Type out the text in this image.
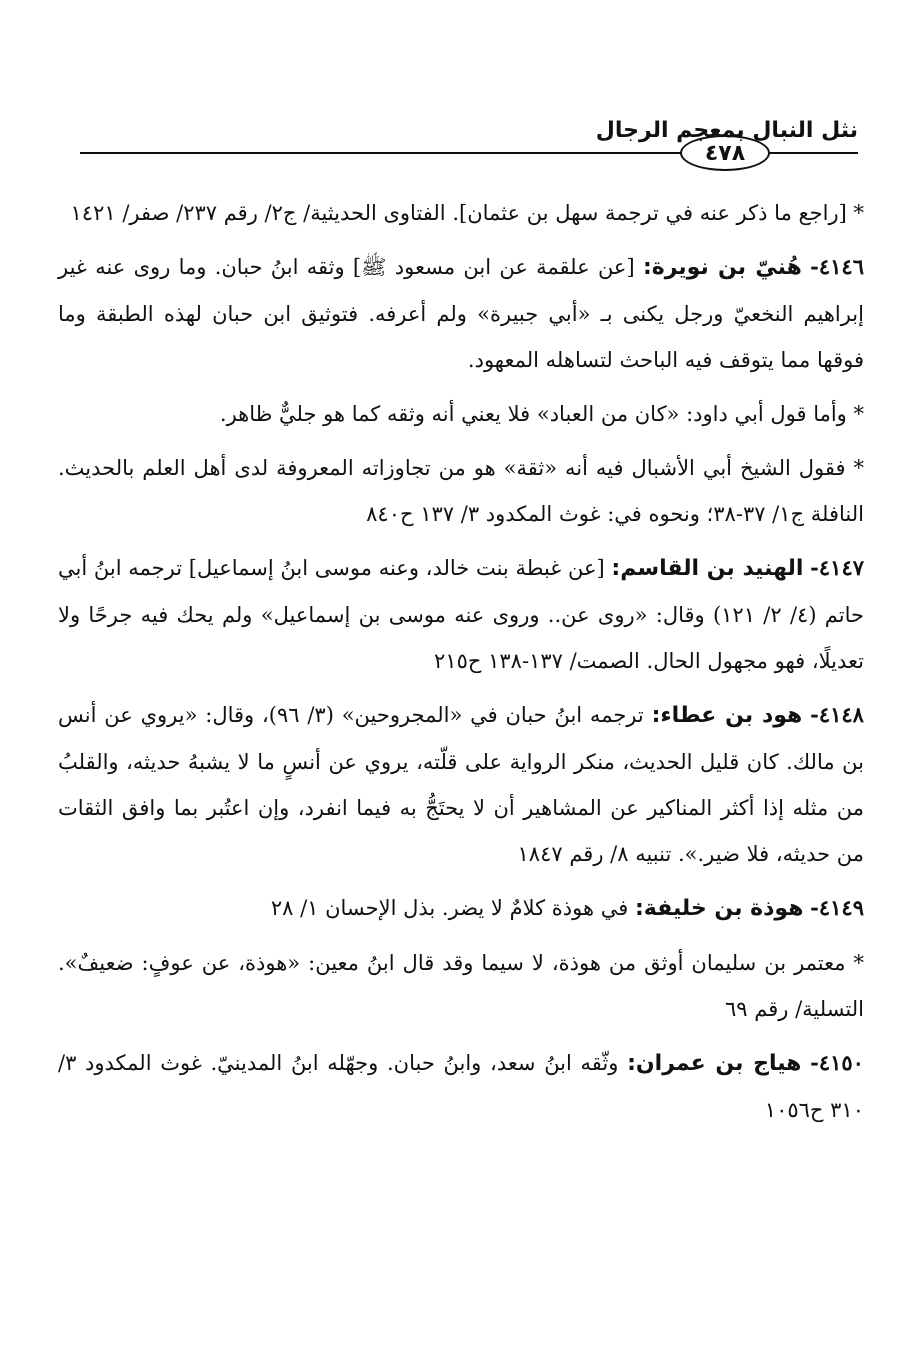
٤٧٨
نثل النبال بمعجم الرجال

* [راجع ما ذكر عنه في ترجمة سهل بن عثمان]. الفتاوى الحديثية/ ج٢/ رقم ٢٣٧/ صفر/ ١٤٢١

٤١٤٦- هُنيّ بن نويرة: [عن علقمة عن ابن مسعود ﷺ] وثقه ابنُ حبان. وما روى عنه غير إبراهيم النخعيّ ورجل يكنى بـ «أبي جبيرة» ولم أعرفه. فتوثيق ابن حبان لهذه الطبقة وما فوقها مما يتوقف فيه الباحث لتساهله المعهود.

* وأما قول أبي داود: «كان من العباد» فلا يعني أنه وثقه كما هو جليٌّ ظاهر.

* فقول الشيخ أبي الأشبال فيه أنه «ثقة» هو من تجاوزاته المعروفة لدى أهل العلم بالحديث. النافلة ج١/ ٣٧-٣٨؛ ونحوه في: غوث المكدود ٣/ ١٣٧ ح٨٤٠

٤١٤٧- الهنيد بن القاسم: [عن غبطة بنت خالد، وعنه موسى ابنُ إسماعيل] ترجمه ابنُ أبي حاتم (٤/ ٢/ ١٢١) وقال: «روى عن.. وروى عنه موسى بن إسماعيل» ولم يحك فيه جرحًا ولا تعديلًا، فهو مجهول الحال. الصمت/ ١٣٧-١٣٨ ح٢١٥

٤١٤٨- هود بن عطاء: ترجمه ابنُ حبان في «المجروحين» (٣/ ٩٦)، وقال: «يروي عن أنس بن مالك. كان قليل الحديث، منكر الرواية على قلّته، يروي عن أنسٍ ما لا يشبهُ حديثه، والقلبُ من مثله إذا أكثر المناكير عن المشاهير أن لا يحتَجُّ به فيما انفرد، وإن اعتُبر بما وافق الثقات من حديثه، فلا ضير.». تنبيه ٨/ رقم ١٨٤٧

٤١٤٩- هوذة بن خليفة: في هوذة كلامٌ لا يضر. بذل الإحسان ١/ ٢٨

* معتمر بن سليمان أوثق من هوذة، لا سيما وقد قال ابنُ معين: «هوذة، عن عوفٍ: ضعيفٌ». التسلية/ رقم ٦٩

٤١٥٠- هياج بن عمران: وثّقه ابنُ سعد، وابنُ حبان. وجهّله ابنُ المدينيّ. غوث المكدود ٣/ ٣١٠ ح١٠٥٦
